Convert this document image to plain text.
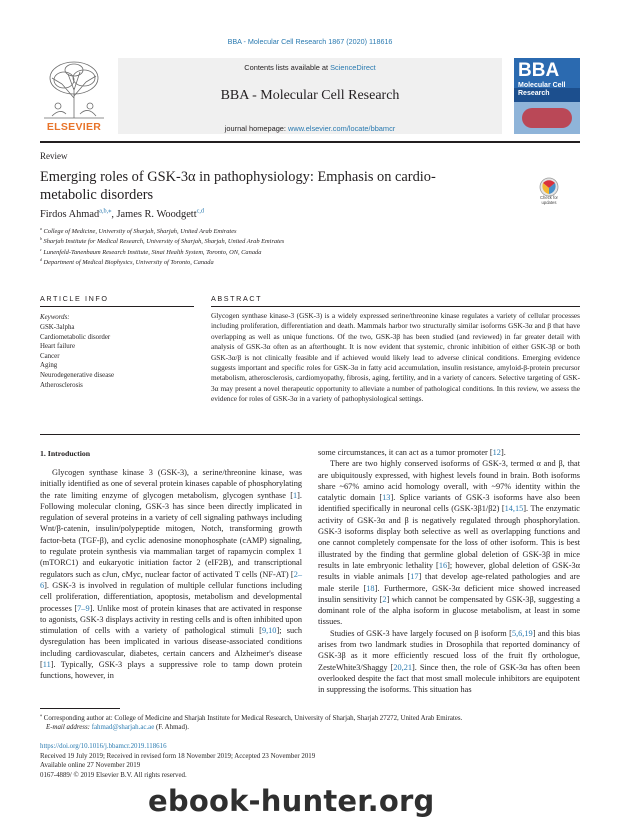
BBA - Molecular Cell Research 1867 (2020) 118616
ELSEVIER
Contents lists available at ScienceDirect
BBA - Molecular Cell Research
journal homepage: www.elsevier.com/locate/bbamcr
BBA
Molecular Cell
Research
Review
Emerging roles of GSK-3α in pathophysiology: Emphasis on cardio-
metabolic disorders	Check for
updates
Firdos Ahmad$^{a,b,⁎}$, James R. Woodgett$^{c,d}$
$^a$ College of Medicine, University of Sharjah, Sharjah, United Arab Emirates
$^b$ Sharjah Institute for Medical Research, University of Sharjah, Sharjah, United Arab Emirates
$^c$ Lunenfeld-Tanenbaum Research Institute, Sinai Health System, Toronto, ON, Canada
$^d$ Department of Medical Biophysics, University of Toronto, Canada
ARTICLE INFO	ABSTRACT
Keywords:
GSK-3alpha
Cardiometabolic disorder
Heart failure
Cancer
Aging
Neurodegenerative disease
Atherosclerosis
Glycogen synthase kinase-3 (GSK-3) is a widely expressed serine/threonine kinase regulates a variety of cellular processes including proliferation, differentiation and death. Mammals harbor two structurally similar isoforms GSK-3α and β that have overlapping as well as unique functions. Of the two, GSK-3β has been studied (and reviewed) in far greater detail with analysis of GSK-3α often as an afterthought. It is now evident that systemic, chronic inhibition of either GSK-3β or both GSK-3α/β is not clinically feasible and if achieved would likely lead to adverse clinical conditions. Emerging evidence suggests important and specific roles for GSK-3α in fatty acid accumulation, insulin resistance, amyloid-β-protein precursor metabolism, atherosclerosis, cardiomyopathy, fibrosis, aging, fertility, and in a variety of cancers. Selective targeting of GSK-3α may present a novel therapeutic opportunity to alleviate a number of pathological conditions. In this review, we assess the evidence for roles of GSK-3α in a variety of pathophysiological settings.
1. Introduction

Glycogen synthase kinase 3 (GSK-3), a serine/threonine kinase, was initially identified as one of several protein kinases capable of phosphorylating the rate limiting enzyme of glycogen metabolism, glycogen synthase [1]. Following molecular cloning, GSK-3 has since been directly implicated in regulation of several proteins in a variety of cell signaling pathways including Wnt/β-catenin, insulin/polypeptide mitogen, Notch, transforming growth factor-beta (TGF-β), and cyclic adenosine monophosphate (cAMP) signaling, to regulate protein synthesis via mammalian target of rapamycin complex 1 (mTORC1) and eukaryotic initiation factor 2 (eIF2B), and transcriptional regulators such as cJun, cMyc, nuclear factor of activated T cells (NF-AT) [2–6]. GSK-3 is involved in regulation of multiple cellular functions including cell proliferation, differentiation, apoptosis, metabolism and developmental processes [7–9]. Unlike most of protein kinases that are activated in response to agonists, GSK-3 displays activity in resting cells and is often inhibited upon stimulation of cells with a variety of pathological stimuli [9,10]; such dysregulation has been implicated in various disease-associated conditions including cardiovascular, diabetes, certain cancers and Alzheimer's disease [11]. Typically, GSK-3 plays a suppressive role to tamp down protein functions, however, in

some circumstances, it can act as a tumor promoter [12].

There are two highly conserved isoforms of GSK-3, termed α and β, that are ubiquitously expressed, with highest levels found in brain. Both isoforms share ~67% amino acid homology overall, with ~97% identity within the catalytic domain [13]. Splice variants of GSK-3 isoforms have also been identified specifically in neuronal cells (GSK-3β1/β2) [14,15]. The enzymatic activity of GSK-3α and β is negatively regulated through phosphorylation. GSK-3 isoforms display both selective as well as overlapping functions and one cannot completely compensate for the loss of other isoform. This is best illustrated by the finding that germline global deletion of GSK-3β in mice results in late embryonic lethality [16]; however, global deletion of GSK-3α results in viable animals [17] that develop age-related pathologies and are male sterile [18]. Furthermore, GSK-3α deficient mice showed increased insulin sensitivity [2] which cannot be compensated by GSK-3β, suggesting a dominant role of the alpha isoform in glucose metabolism, at least in some tissues.

Studies of GSK-3 have largely focused on β isoform [5,6,19] and this bias arises from two landmark studies in Drosophila that reported dominancy of GSK-3β as it more efficiently rescued loss of the fruit fly orthologue, ZesteWhite3/Shaggy [20,21]. Since then, the role of GSK-3α has often been overlooked despite the fact that most small molecule inhibitors are equipotent in suppressing the isoforms. This situation has

⁎ Corresponding author at: College of Medicine and Sharjah Institute for Medical Research, University of Sharjah, Sharjah 27272, United Arab Emirates.
E-mail address: fahmad@sharjah.ac.ae (F. Ahmad).
https://doi.org/10.1016/j.bbamcr.2019.118616
Received 19 July 2019; Received in revised form 18 November 2019; Accepted 23 November 2019
Available online 27 November 2019
0167-4889/ © 2019 Elsevier B.V. All rights reserved.
ebook-hunter.org
